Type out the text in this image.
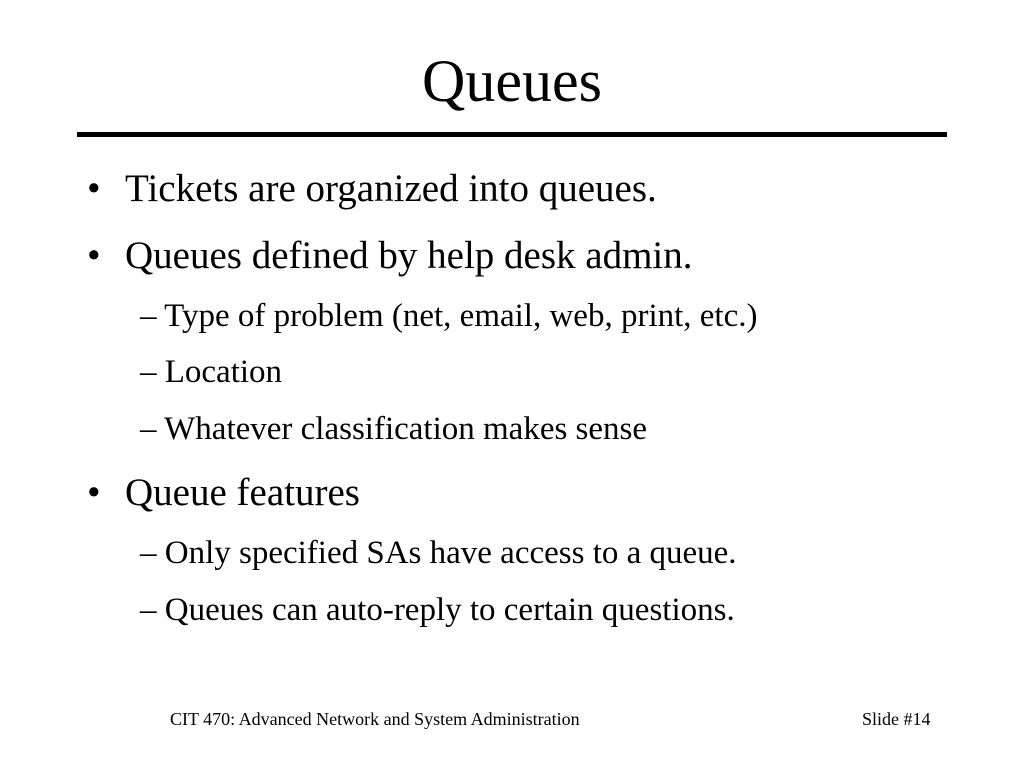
Queues
• Tickets are organized into queues.
• Queues defined by help desk admin.
– Type of problem (net, email, web, print, etc.)
– Location
– Whatever classification makes sense
• Queue features
– Only specified SAs have access to a queue.
– Queues can auto-reply to certain questions.
CIT 470: Advanced Network and System Administration	Slide #14
